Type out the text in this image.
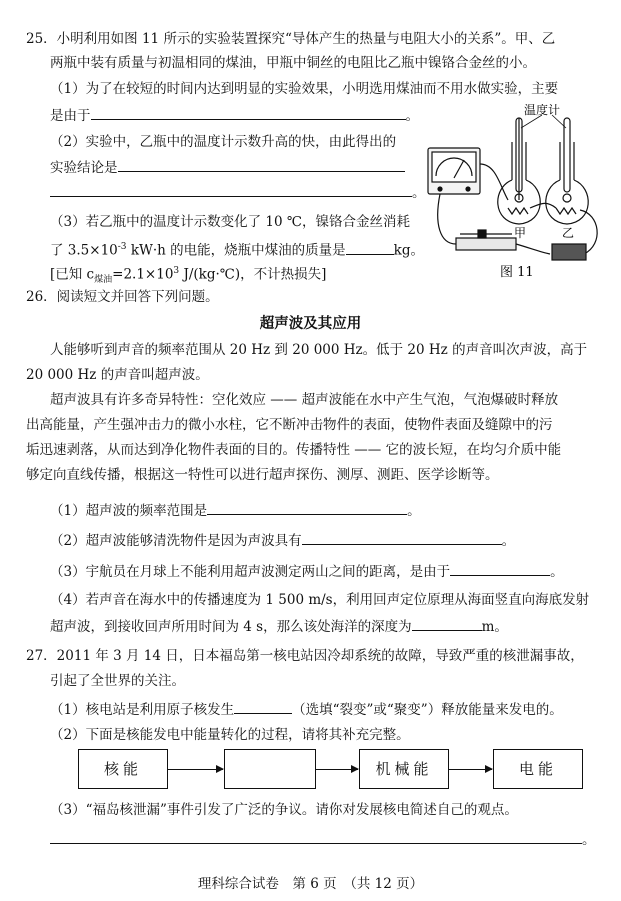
25．小明利用如图 11 所示的实验装置探究“导体产生的热量与电阻大小的关系”。甲、乙
两瓶中装有质量与初温相同的煤油，甲瓶中铜丝的电阻比乙瓶中镍铬合金丝的小。
（1）为了在较短的时间内达到明显的实验效果，小明选用煤油而不用水做实验，主要
是由于	。
（2）实验中，乙瓶中的温度计示数升高的快，由此得出的
实验结论是
。
（3）若乙瓶中的温度计示数变化了 10 ℃，镍铬合金丝消耗
了 $3.5\times 10^{-3}$ kW·h 的电能，烧瓶中煤油的质量是	kg。
[已知 $c_{煤油}=2.1\times 10^3$ J/(kg·℃)，不计热损失]
温度计
甲	乙
图 11
26．阅读短文并回答下列问题。
超声波及其应用
人能够听到声音的频率范围从 20 Hz 到 20 000 Hz。低于 20 Hz 的声音叫次声波，高于
20 000 Hz 的声音叫超声波。
超声波具有许多奇异特性：空化效应 —— 超声波能在水中产生气泡，气泡爆破时释放
出高能量，产生强冲击力的微小水柱，它不断冲击物件的表面，使物件表面及缝隙中的污
垢迅速剥落，从而达到净化物件表面的目的。传播特性 —— 它的波长短，在均匀介质中能
够定向直线传播，根据这一特性可以进行超声探伤、测厚、测距、医学诊断等。
（1）超声波的频率范围是	。
（2）超声波能够清洗物件是因为声波具有	。
（3）宇航员在月球上不能利用超声波测定两山之间的距离，是由于	。
（4）若声音在海水中的传播速度为 1 500 m/s，利用回声定位原理从海面竖直向海底发射
超声波，到接收回声所用时间为 4 s，那么该处海洋的深度为	m。
27．2011 年 3 月 14 日，日本福岛第一核电站因冷却系统的故障，导致严重的核泄漏事故，
引起了全世界的关注。
（1）核电站是利用原子核发生	（选填“裂变”或“聚变”）释放能量来发电的。
（2）下面是核能发电中能量转化的过程，请将其补充完整。
核能	机械能	电能
（3）“福岛核泄漏”事件引发了广泛的争议。请你对发展核电简述自己的观点。
。
理科综合试卷　第 6 页　（共 12 页）
